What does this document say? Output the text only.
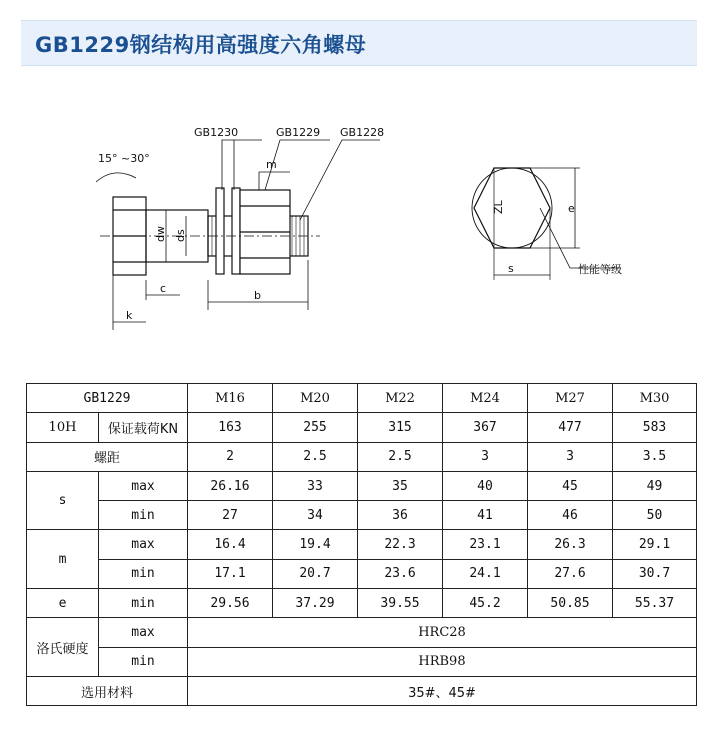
GB1229钢结构用高强度六角螺母
15° ~30°
GB1230	GB1229 GB1228
m
dw ds
c
k
b
s
e
ZL
性能等级
GB1229		M16	M20	M22	M24	M27	M30
10H	保证载荷KN	163	255	315	367	477	583
螺距		2	2.5	2.5	3	3	3.5
s	max	26.16	33	35	40	45	49
	min	27	34	36	41	46	50
m	max	16.4	19.4	22.3	23.1	26.3	29.1
	min	17.1	20.7	23.6	24.1	27.6	30.7
e	min	29.56	37.29	39.55	45.2	50.85	55.37
洛氏硬度	max	HRC28					
	min	HRB98					
选用材料		35#、45#					
